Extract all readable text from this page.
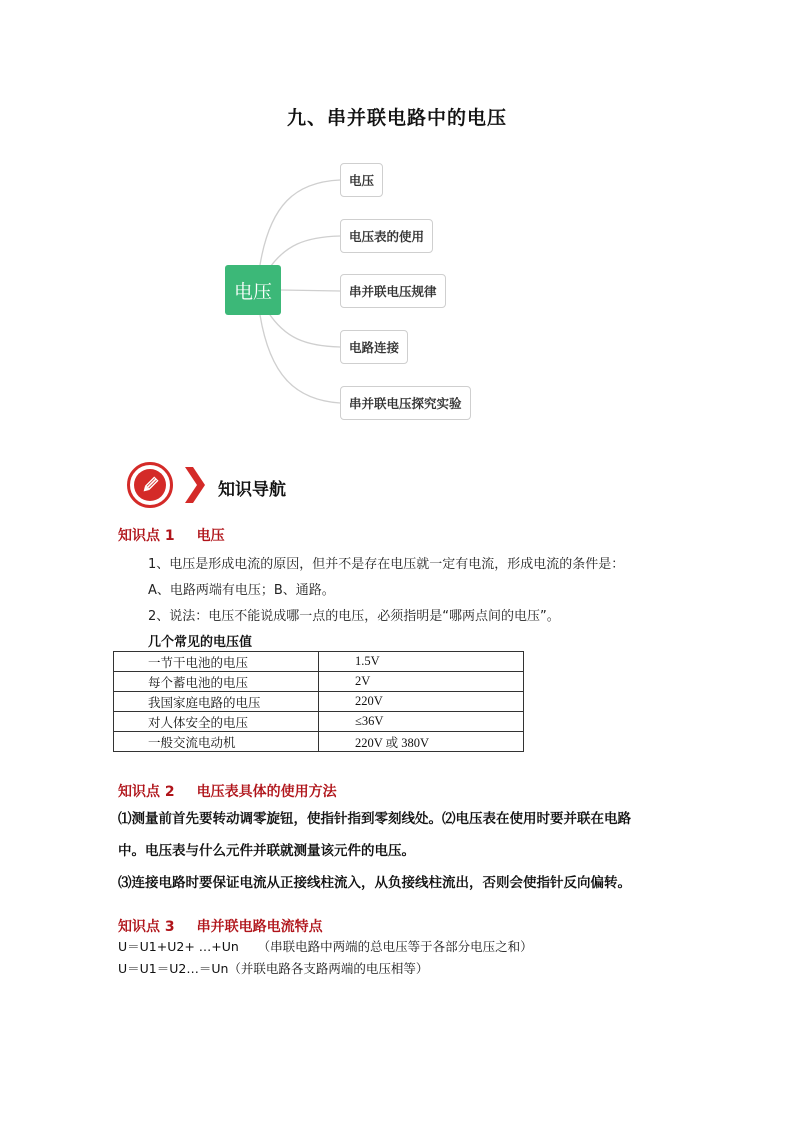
九、串并联电路中的电压
电压
电压
电压表的使用
串并联电压规律
电路连接
串并联电压探究实验
知识导航
知识点 1 电压
1、电压是形成电流的原因，但并不是存在电压就一定有电流，形成电流的条件是：
A、电路两端有电压；B、通路。
2、说法：电压不能说成哪一点的电压，必须指明是“哪两点间的电压”。
几个常见的电压值
一节干电池的电压	1.5V
每个蓄电池的电压	2V
我国家庭电路的电压	220V
对人体安全的电压	≤36V
一般交流电动机	220V 或 380V
知识点 2 电压表具体的使用方法
⑴测量前首先要转动调零旋钮，使指针指到零刻线处。⑵电压表在使用时要并联在电路
中。电压表与什么元件并联就测量该元件的电压。
⑶连接电路时要保证电流从正接线柱流入，从负接线柱流出，否则会使指针反向偏转。
知识点 3 串并联电路电流特点
U＝U1+U2+ …+Un　　（串联电路中两端的总电压等于各部分电压之和）
U＝U1＝U2…＝Un（并联电路各支路两端的电压相等）
